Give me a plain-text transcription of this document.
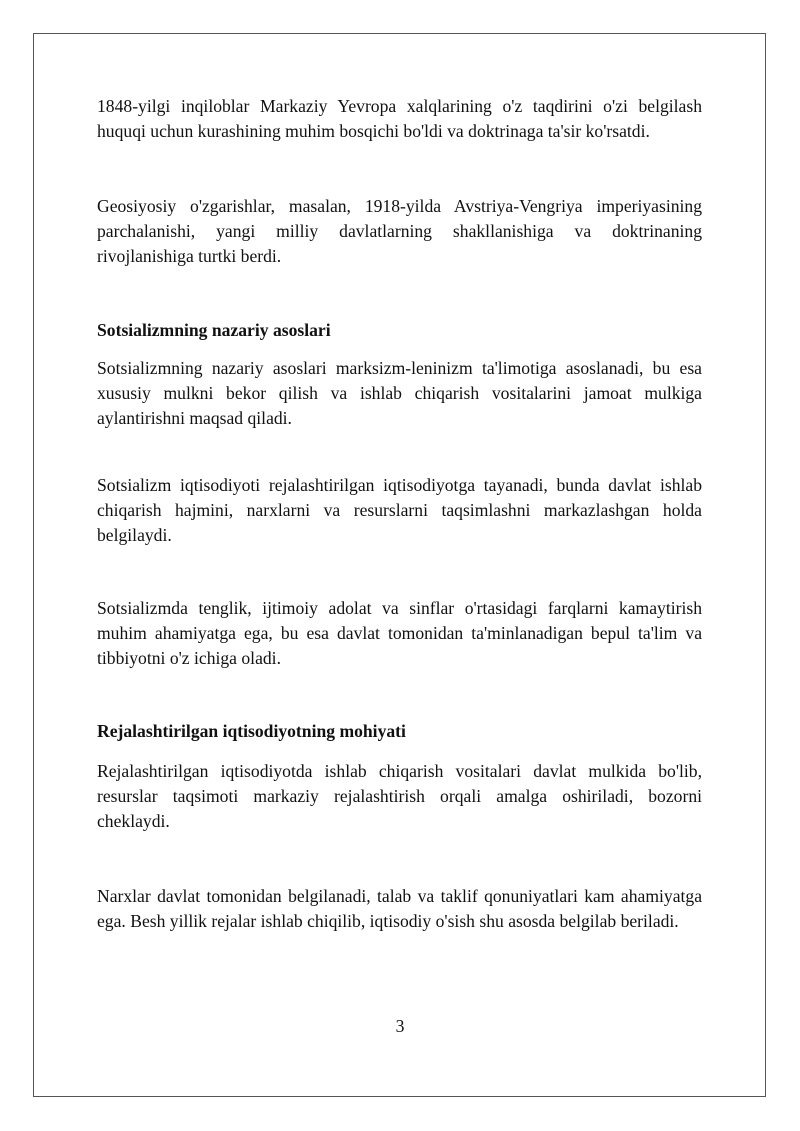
1848-yilgi inqiloblar Markaziy Yevropa xalqlarining o'z taqdirini o'zi belgilash huquqi uchun kurashining muhim bosqichi bo'ldi va doktrinaga ta'sir ko'rsatdi.

Geosiyosiy o'zgarishlar, masalan, 1918-yilda Avstriya-Vengriya imperiyasining parchalanishi, yangi milliy davlatlarning shakllanishiga va doktrinaning rivojlanishiga turtki berdi.

Sotsializmning nazariy asoslari

Sotsializmning nazariy asoslari marksizm-leninizm ta'limotiga asoslanadi, bu esa xususiy mulkni bekor qilish va ishlab chiqarish vositalarini jamoat mulkiga aylantirishni maqsad qiladi.

Sotsializm iqtisodiyoti rejalashtirilgan iqtisodiyotga tayanadi, bunda davlat ishlab chiqarish hajmini, narxlarni va resurslarni taqsimlashni markazlashgan holda belgilaydi.

Sotsializmda tenglik, ijtimoiy adolat va sinflar o'rtasidagi farqlarni kamaytirish muhim ahamiyatga ega, bu esa davlat tomonidan ta'minlanadigan bepul ta'lim va tibbiyotni o'z ichiga oladi.

Rejalashtirilgan iqtisodiyotning mohiyati

Rejalashtirilgan iqtisodiyotda ishlab chiqarish vositalari davlat mulkida bo'lib, resurslar taqsimoti markaziy rejalashtirish orqali amalga oshiriladi, bozorni cheklaydi.

Narxlar davlat tomonidan belgilanadi, talab va taklif qonuniyatlari kam ahamiyatga ega. Besh yillik rejalar ishlab chiqilib, iqtisodiy o'sish shu asosda belgilab beriladi.

3
